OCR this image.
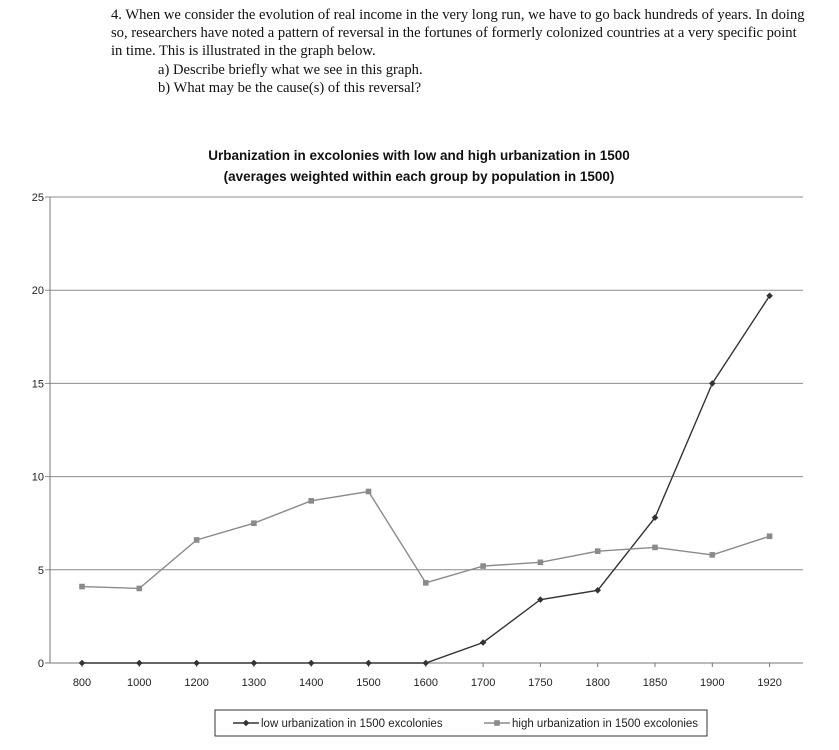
4. When we consider the evolution of real income in the very long run, we have to go back hundreds of years. In doing so, researchers have noted a pattern of reversal in the fortunes of formerly colonized countries at a very specific point in time. This is illustrated in the graph below.

a) Describe briefly what we see in this graph.

b) What may be the cause(s) of this reversal?

Urbanization in excolonies with low and high urbanization in 1500
(averages weighted within each group by population in 1500)
0
5
10
15
20
25
800	1000	1200	1300	1400	1500	1600	1700	1750	1800	1850	1900	1920
low urbanization in 1500 excolonies	high urbanization in 1500 excolonies
